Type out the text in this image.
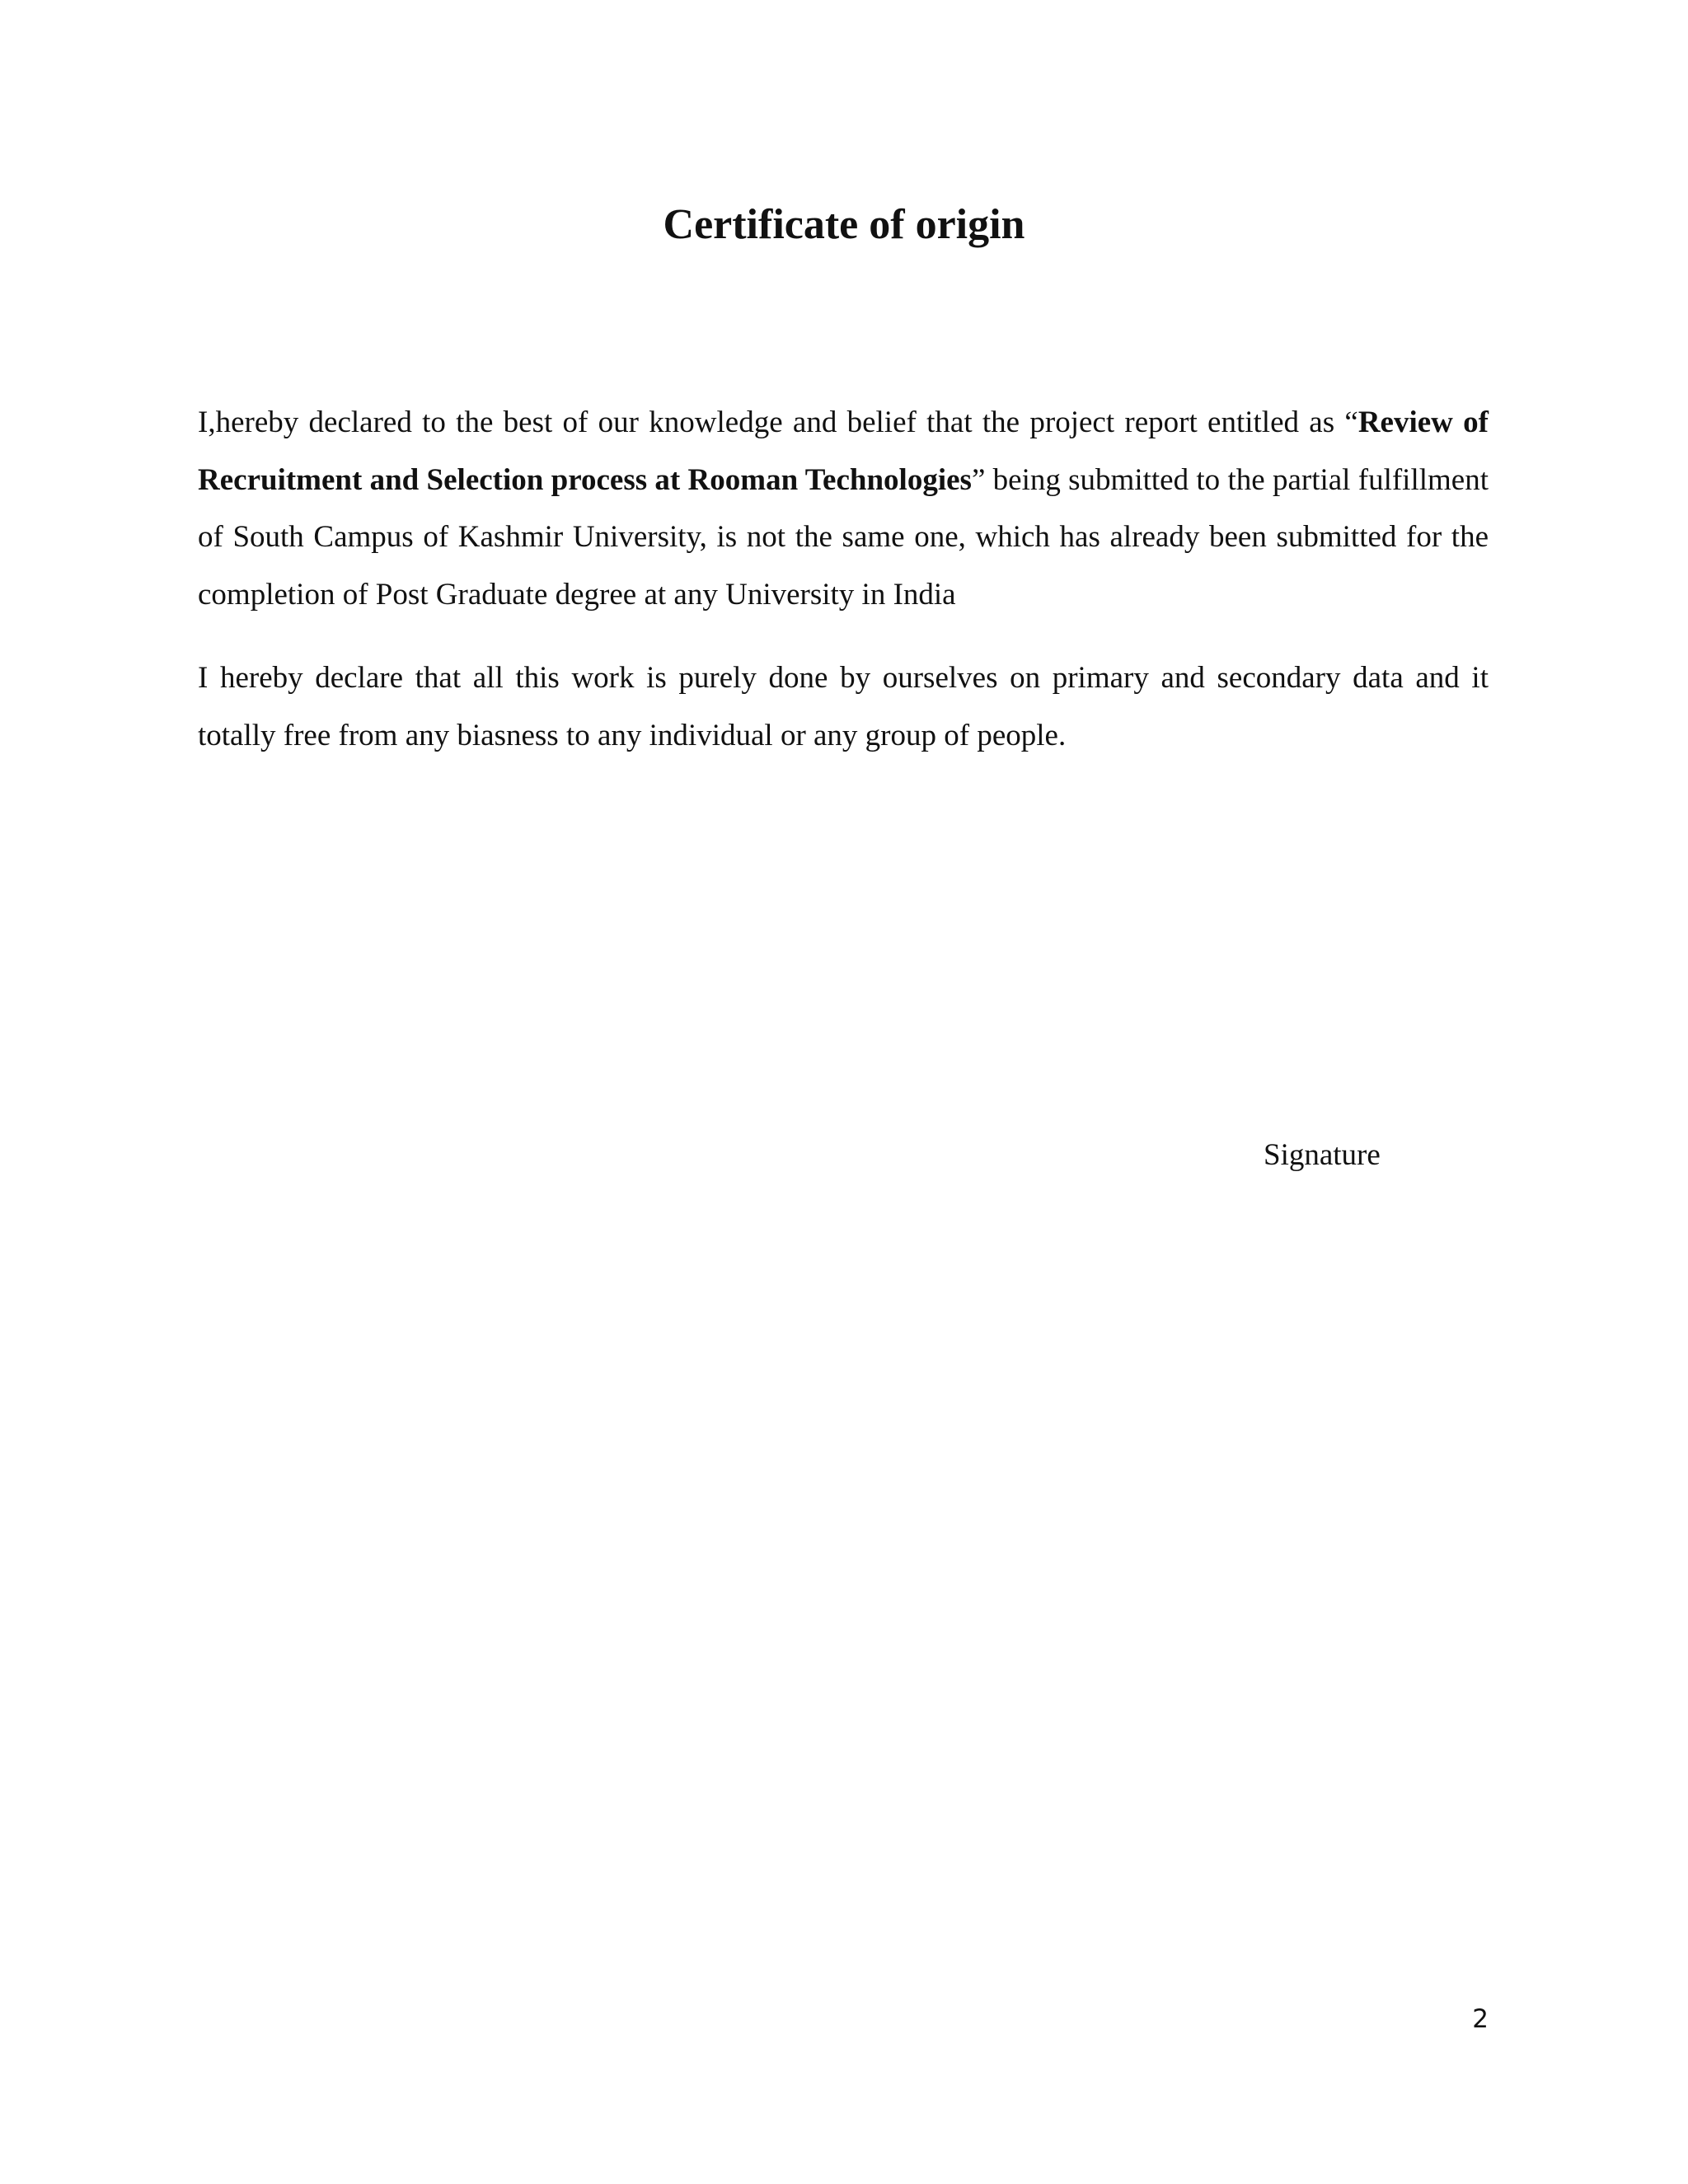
Certificate of origin

I,hereby declared to the best of our knowledge and belief that the project report entitled as “Review of Recruitment and Selection process at Rooman Technologies” being submitted to the partial fulfillment of South Campus of Kashmir University, is not the same one, which has already been submitted for the completion of Post Graduate degree at any University in India

I hereby declare that all this work is purely done by ourselves on primary and secondary data and it totally free from any biasness to any individual or any group of people.

Signature
2
